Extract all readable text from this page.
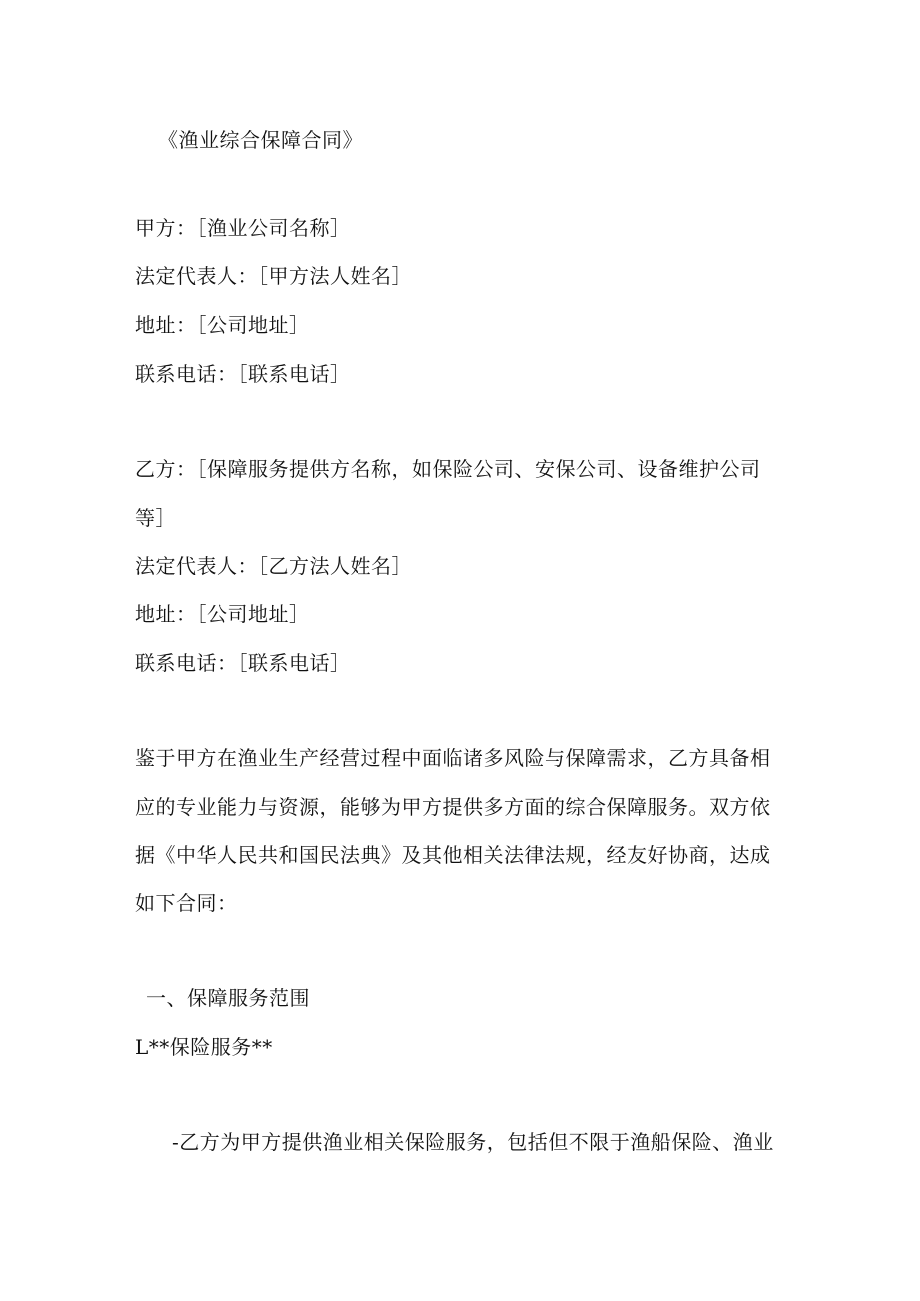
《渔业综合保障合同》
甲方：［渔业公司名称］
法定代表人：［甲方法人姓名］
地址：［公司地址］
联系电话：［联系电话］
乙方：［保障服务提供方名称，如保险公司、安保公司、设备维护公司
等］
法定代表人：［乙方法人姓名］
地址：［公司地址］
联系电话：［联系电话］
鉴于甲方在渔业生产经营过程中面临诸多风险与保障需求，乙方具备相
应的专业能力与资源，能够为甲方提供多方面的综合保障服务。双方依
据《中华人民共和国民法典》及其他相关法律法规，经友好协商，达成
如下合同：
一、保障服务范围
L**保险服务**
-乙方为甲方提供渔业相关保险服务，包括但不限于渔船保险、渔业
